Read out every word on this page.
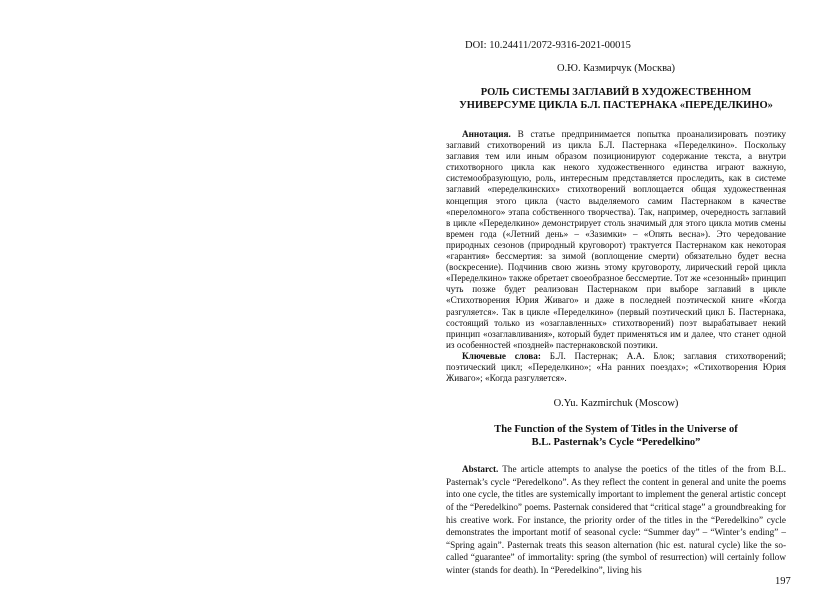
DOI: 10.24411/2072-9316-2021-00015
О.Ю. Казмирчук (Москва)
РОЛЬ СИСТЕМЫ ЗАГЛАВИЙ В ХУДОЖЕСТВЕННОМ
УНИВЕРСУМЕ ЦИКЛА Б.Л. ПАСТЕРНАКА «ПЕРЕДЕЛКИНО»

Аннотация. В статье предпринимается попытка проанализировать поэтику заглавий стихотворений из цикла Б.Л. Пастернака «Переделкино». Поскольку заглавия тем или иным образом позиционируют содержание текста, а внутри стихотворного цикла как некого художественного единства играют важную, системообразующую, роль, интересным представляется проследить, как в системе заглавий «переделкинских» стихотворений воплощается общая художественная концепция этого цикла (часто выделяемого самим Пастернаком в качестве «переломного» этапа собственного творчества). Так, например, очередность заглавий в цикле «Переделкино» демонстрирует столь значимый для этого цикла мотив смены времен года («Летний день» – «Зазимки» – «Опять весна»). Это чередование природных сезонов (природный круговорот) трактуется Пастернаком как некоторая «гарантия» бессмертия: за зимой (воплощение смерти) обязательно будет весна (воскресение). Подчинив свою жизнь этому круговороту, лирический герой цикла «Переделкино» также обретает своеобразное бессмертие. Тот же «сезонный» принцип чуть позже будет реализован Пастернаком при выборе заглавий в цикле «Стихотворения Юрия Живаго» и даже в последней поэтической книге «Когда разгуляется». Так в цикле «Переделкино» (первый поэтический цикл Б. Пастернака, состоящий только из «озаглавленных» стихотворений) поэт вырабатывает некий принцип «озаглавливания», который будет применяться им и далее, что станет одной из особенностей «поздней» пастернаковской поэтики.

Ключевые слова: Б.Л. Пастернак; А.А. Блок; заглавия стихотворений; поэтический цикл; «Переделкино»; «На ранних поездах»; «Стихотворения Юрия Живаго»; «Когда разгуляется».

O.Yu. Kazmirchuk (Moscow)
The Function of the System of Titles in the Universe of
B.L. Pasternak’s Cycle “Peredelkino”

Abstarct. The article attempts to analyse the poetics of the titles of the from B.L. Pasternak’s cycle “Peredelkono”. As they reflect the content in general and unite the poems into one cycle, the titles are systemically important to implement the general artistic concept of the “Peredelkino” poems. Pasternak considered that “critical stage” a groundbreaking for his creative work. For instance, the priority order of the titles in the “Peredelkino” cycle demonstrates the important motif of seasonal cycle: “Summer day” – “Winter’s ending” – “Spring again”. Pasternak treats this season alternation (hic est. natural cycle) like the so-called “guarantee” of immortality: spring (the symbol of resurrection) will certainly follow winter (stands for death). In “Peredelkino”, living his

197
